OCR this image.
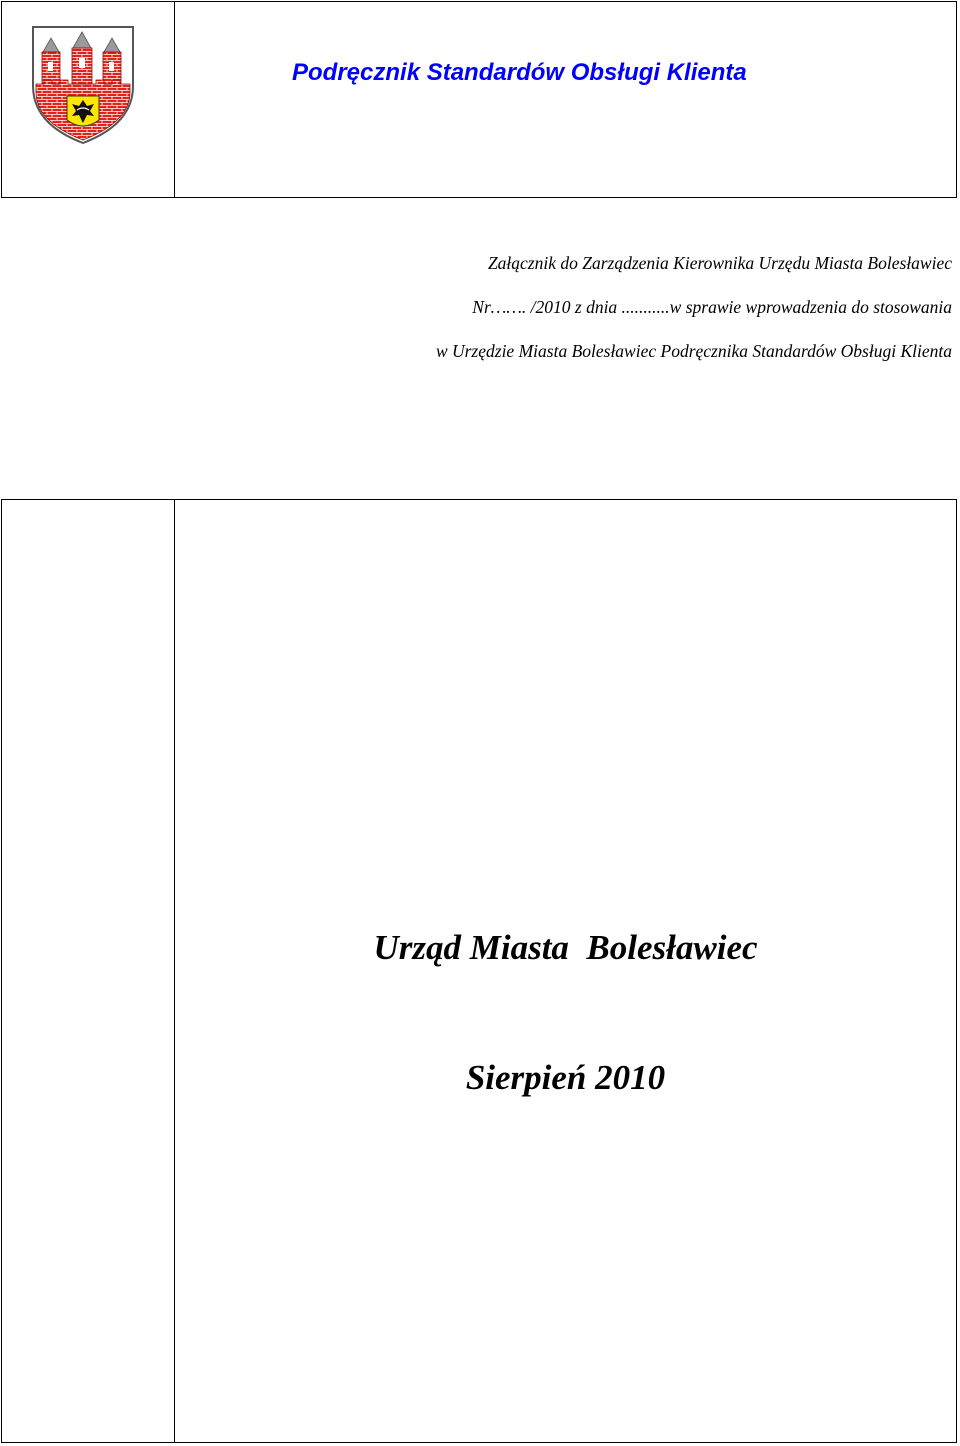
Podręcznik Standardów Obsługi Klienta
Załącznik do Zarządzenia Kierownika Urzędu Miasta Bolesławiec
Nr……. /2010 z dnia ...........w sprawie wprowadzenia do stosowania
w Urzędzie Miasta Bolesławiec Podręcznika Standardów Obsługi Klienta
Urząd Miasta  Bolesławiec
Sierpień 2010
